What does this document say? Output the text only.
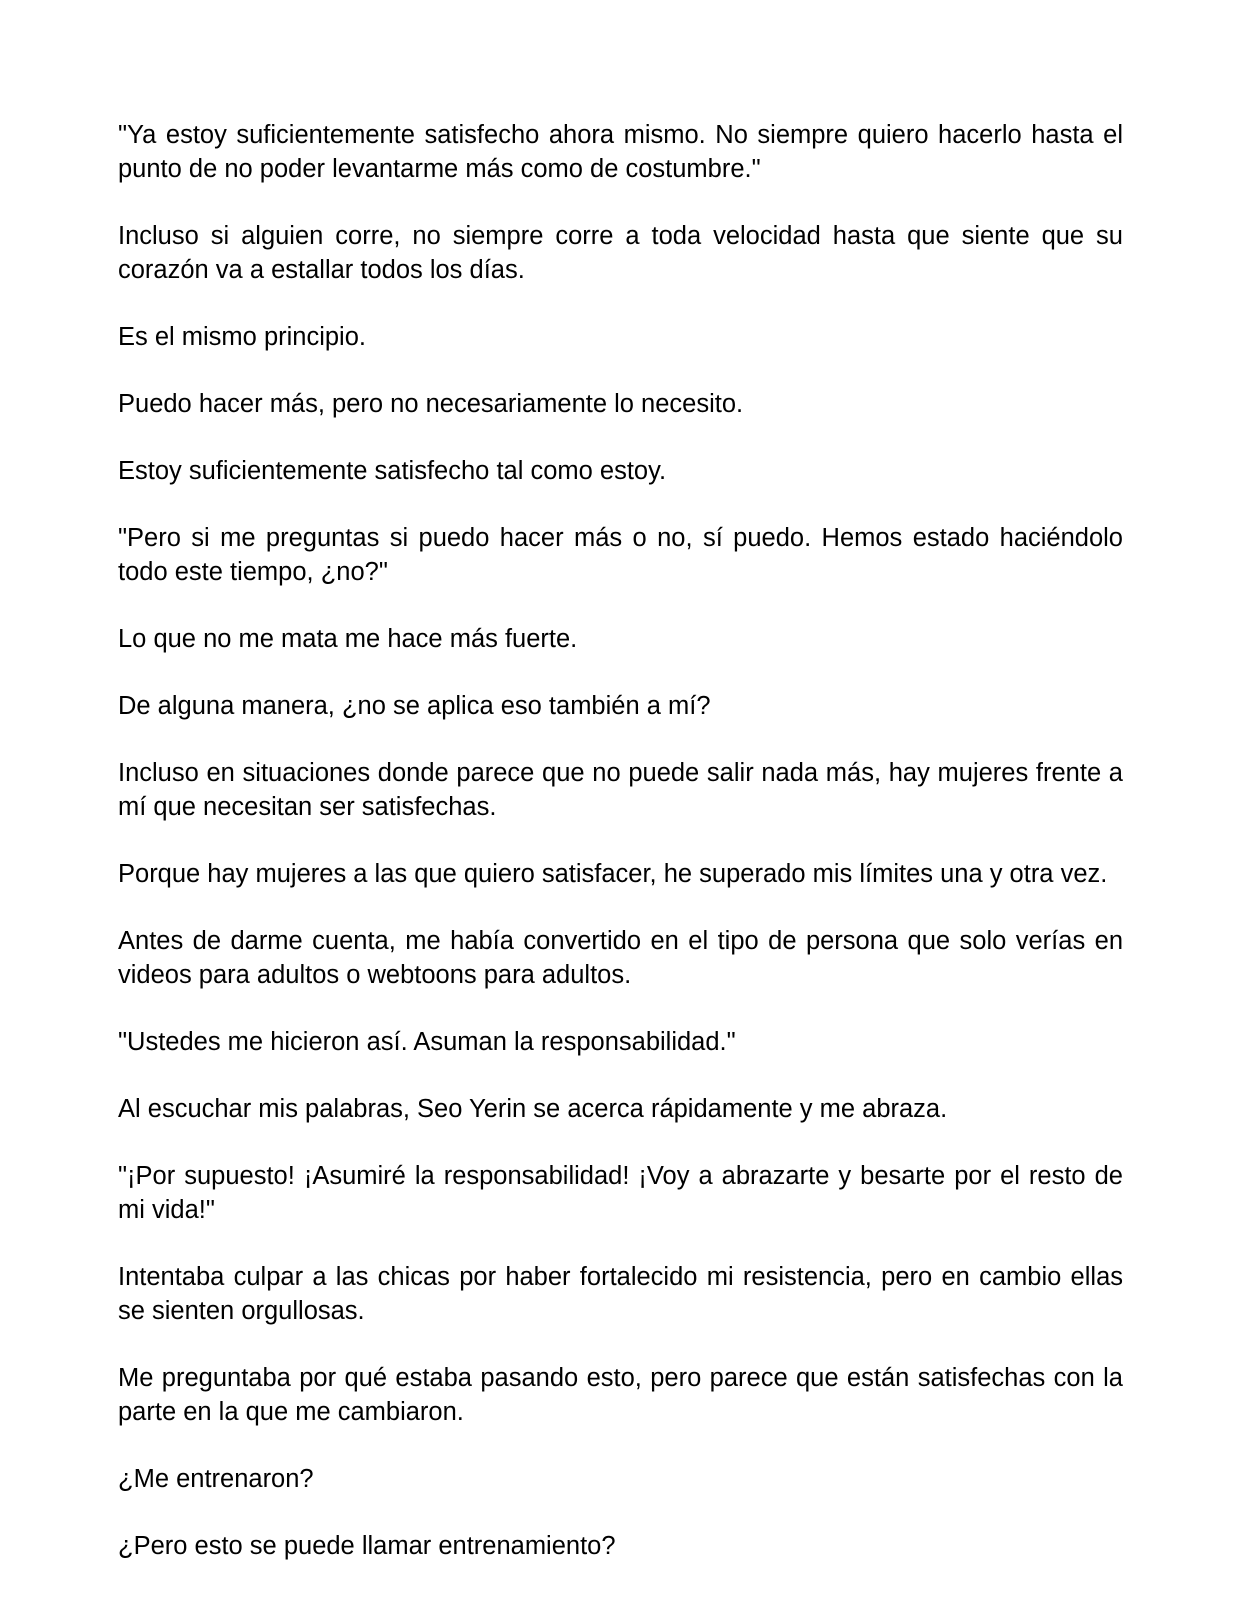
"Ya estoy suficientemente satisfecho ahora mismo. No siempre quiero hacerlo hasta el punto de no poder levantarme más como de costumbre."

Incluso si alguien corre, no siempre corre a toda velocidad hasta que siente que su corazón va a estallar todos los días.

Es el mismo principio.

Puedo hacer más, pero no necesariamente lo necesito.

Estoy suficientemente satisfecho tal como estoy.

"Pero si me preguntas si puedo hacer más o no, sí puedo. Hemos estado haciéndolo todo este tiempo, ¿no?"

Lo que no me mata me hace más fuerte.

De alguna manera, ¿no se aplica eso también a mí?

Incluso en situaciones donde parece que no puede salir nada más, hay mujeres frente a mí que necesitan ser satisfechas.

Porque hay mujeres a las que quiero satisfacer, he superado mis límites una y otra vez.

Antes de darme cuenta, me había convertido en el tipo de persona que solo verías en videos para adultos o webtoons para adultos.

"Ustedes me hicieron así. Asuman la responsabilidad."

Al escuchar mis palabras, Seo Yerin se acerca rápidamente y me abraza.

"¡Por supuesto! ¡Asumiré la responsabilidad! ¡Voy a abrazarte y besarte por el resto de mi vida!"

Intentaba culpar a las chicas por haber fortalecido mi resistencia, pero en cambio ellas se sienten orgullosas.

Me preguntaba por qué estaba pasando esto, pero parece que están satisfechas con la parte en la que me cambiaron.

¿Me entrenaron?

¿Pero esto se puede llamar entrenamiento?
